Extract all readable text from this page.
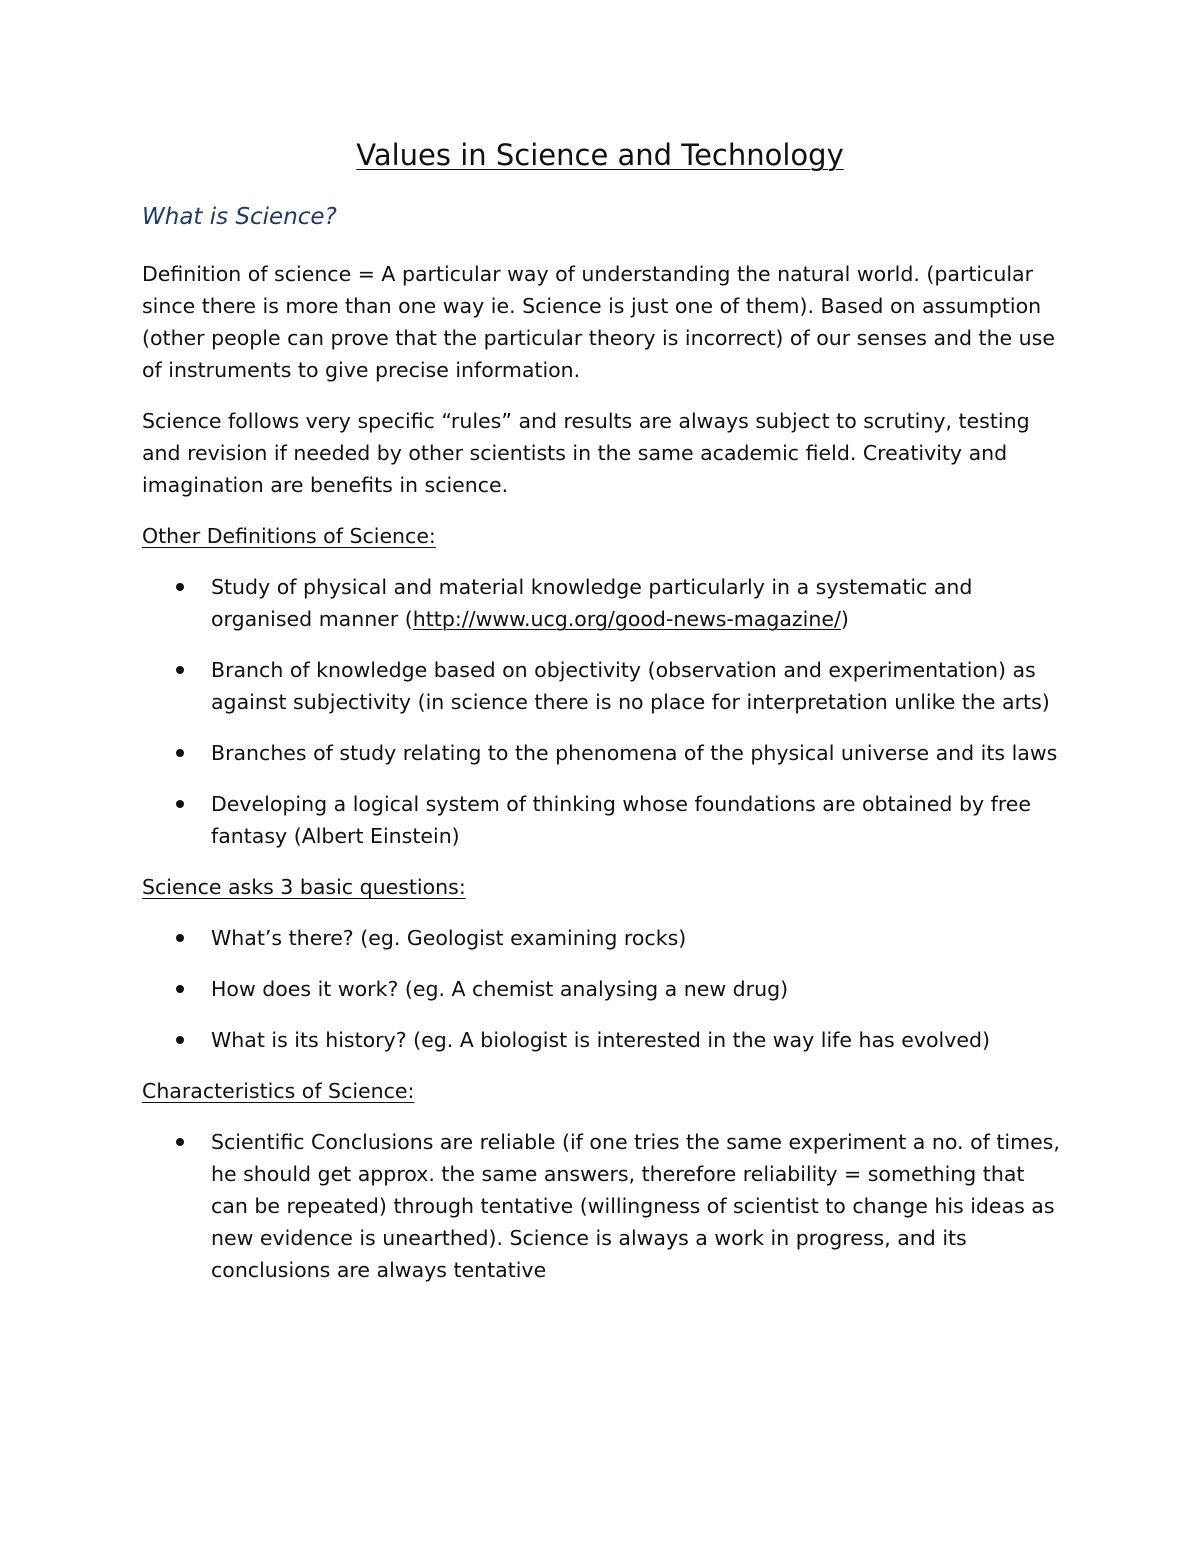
Values in Science and Technology
What is Science?

Definition of science = A particular way of understanding the natural world. (particular since there is more than one way ie. Science is just one of them). Based on assumption (other people can prove that the particular theory is incorrect) of our senses and the use of instruments to give precise information.

Science follows very specific “rules” and results are always subject to scrutiny, testing and revision if needed by other scientists in the same academic field. Creativity and imagination are benefits in science.

Other Definitions of Science:

Study of physical and material knowledge particularly in a systematic and organised manner (http://www.ucg.org/good-news-magazine/)
Branch of knowledge based on objectivity (observation and experimentation) as against subjectivity (in science there is no place for interpretation unlike the arts)
Branches of study relating to the phenomena of the physical universe and its laws
Developing a logical system of thinking whose foundations are obtained by free fantasy (Albert Einstein)

Science asks 3 basic questions:

What’s there? (eg. Geologist examining rocks)
How does it work? (eg. A chemist analysing a new drug)
What is its history? (eg. A biologist is interested in the way life has evolved)

Characteristics of Science:

Scientific Conclusions are reliable (if one tries the same experiment a no. of times, he should get approx. the same answers, therefore reliability = something that can be repeated) through tentative (willingness of scientist to change his ideas as new evidence is unearthed). Science is always a work in progress, and its conclusions are always tentative
